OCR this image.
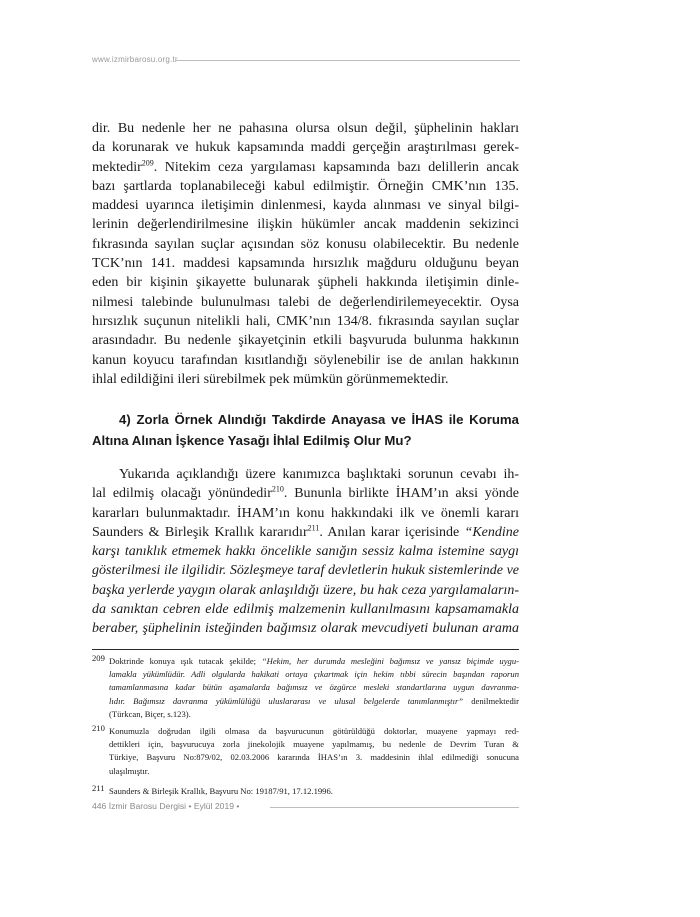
www.izmirbarosu.org.tr
dir. Bu nedenle her ne pahasına olursa olsun değil, şüphelinin hakları
da korunarak ve hukuk kapsamında maddi gerçeğin araştırılması gerek-
mektedir$^{209}$. Nitekim ceza yargılaması kapsamında bazı delillerin ancak
bazı şartlarda toplanabileceği kabul edilmiştir. Örneğin CMK’nın 135.
maddesi uyarınca iletişimin dinlenmesi, kayda alınması ve sinyal bilgi-
lerinin değerlendirilmesine ilişkin hükümler ancak maddenin sekizinci
fıkrasında sayılan suçlar açısından söz konusu olabilecektir. Bu nedenle
TCK’nın 141. maddesi kapsamında hırsızlık mağduru olduğunu beyan
eden bir kişinin şikayette bulunarak şüpheli hakkında iletişimin dinle-
nilmesi talebinde bulunulması talebi de değerlendirilemeyecektir. Oysa
hırsızlık suçunun nitelikli hali, CMK’nın 134/8. fıkrasında sayılan suçlar
arasındadır. Bu nedenle şikayetçinin etkili başvuruda bulunma hakkının
kanun koyucu tarafından kısıtlandığı söylenebilir ise de anılan hakkının
ihlal edildiğini ileri sürebilmek pek mümkün görünmemektedir.
4) Zorla Örnek Alındığı Takdirde Anayasa ve İHAS ile Koruma
Altına Alınan İşkence Yasağı İhlal Edilmiş Olur Mu?
Yukarıda açıklandığı üzere kanımızca başlıktaki sorunun cevabı ih-
lal edilmiş olacağı yönündedir$^{210}$. Bununla birlikte İHAM’ın aksi yönde
kararları bulunmaktadır. İHAM’ın konu hakkındaki ilk ve önemli kararı
Saunders & Birleşik Krallık kararıdır$^{211}$. Anılan karar içerisinde “Kendine
karşı tanıklık etmemek hakkı öncelikle sanığın sessiz kalma istemine saygı
gösterilmesi ile ilgilidir. Sözleşmeye taraf devletlerin hukuk sistemlerinde ve
başka yerlerde yaygın olarak anlaşıldığı üzere, bu hak ceza yargılamaların-
da sanıktan cebren elde edilmiş malzemenin kullanılmasını kapsamamakla
beraber, şüphelinin isteğinden bağımsız olarak mevcudiyeti bulunan arama
209 Doktrinde konuya ışık tutacak şekilde; “Hekim, her durumda mesleğini bağımsız ve yansız biçimde uygu-
lamakla yükümlüdür. Adli olgularda hakikati ortaya çıkartmak için hekim tıbbi sürecin başından raporun
tamamlanmasına kadar bütün aşamalarda bağımsız ve özgürce mesleki standartlarına uygun davranma-
lıdır. Bağımsız davranma yükümlülüğü uluslararası ve ulusal belgelerde tanımlanmıştır” denilmektedir
(Türkcan, Biçer, s.123).
210 Konumuzla doğrudan ilgili olmasa da başvurucunun götürüldüğü doktorlar, muayene yapmayı red-
dettikleri için, başvurucuya zorla jinekolojik muayene yapılmamış, bu nedenle de Devrim Turan &
Türkiye, Başvuru No:879/02, 02.03.2006 kararında İHAS’ın 3. maddesinin ihlal edilmediği sonucuna
ulaşılmıştır.
211 Saunders & Birleşik Krallık, Başvuru No: 19187/91, 17.12.1996.
446 İzmir Barosu Dergisi • Eylül 2019 •
